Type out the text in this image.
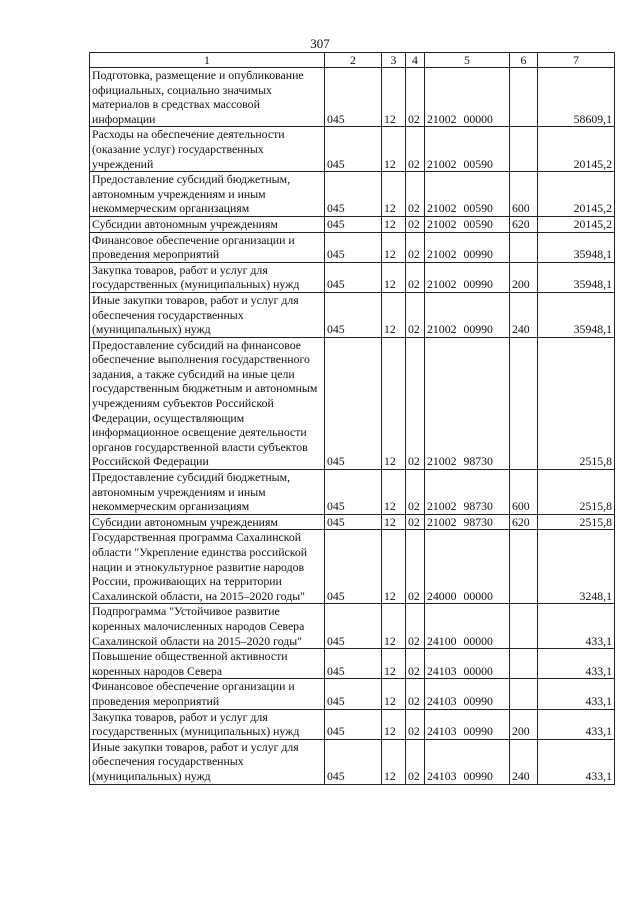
307
1	2	3	4	5	6	7
Подготовка, размещение и опубликование официальных, социально значимых материалов в средствах массовой информации	045	12	02	21002 00000		58609,1
Расходы на обеспечение деятельности (оказание услуг) государственных учреждений	045	12	02	21002 00590		20145,2
Предоставление субсидий бюджетным, автономным учреждениям и иным некоммерческим организациям	045	12	02	21002 00590	600	20145,2
Субсидии автономным учреждениям	045	12	02	21002 00590	620	20145,2
Финансовое обеспечение организации и проведения мероприятий	045	12	02	21002 00990		35948,1
Закупка товаров, работ и услуг для государственных (муниципальных) нужд	045	12	02	21002 00990	200	35948,1
Иные закупки товаров, работ и услуг для обеспечения государственных (муниципальных) нужд	045	12	02	21002 00990	240	35948,1
Предоставление субсидий на финансовое обеспечение выполнения государственного задания, а также субсидий на иные цели государственным бюджетным и автономным учреждениям субъектов Российской Федерации, осуществляющим информационное освещение деятельности органов государственной власти субъектов Российской Федерации	045	12	02	21002 98730		2515,8
Предоставление субсидий бюджетным, автономным учреждениям и иным некоммерческим организациям	045	12	02	21002 98730	600	2515,8
Субсидии автономным учреждениям	045	12	02	21002 98730	620	2515,8
Государственная программа Сахалинской области "Укрепление единства российской нации и этнокультурное развитие народов России, проживающих на территории Сахалинской области, на 2015–2020 годы"	045	12	02	24000 00000		3248,1
Подпрограмма "Устойчивое развитие коренных малочисленных народов Севера Сахалинской области на 2015–2020 годы"	045	12	02	24100 00000		433,1
Повышение общественной активности коренных народов Севера	045	12	02	24103 00000		433,1
Финансовое обеспечение организации и проведения мероприятий	045	12	02	24103 00990		433,1
Закупка товаров, работ и услуг для государственных (муниципальных) нужд	045	12	02	24103 00990	200	433,1
Иные закупки товаров, работ и услуг для обеспечения государственных (муниципальных) нужд	045	12	02	24103 00990	240	433,1
